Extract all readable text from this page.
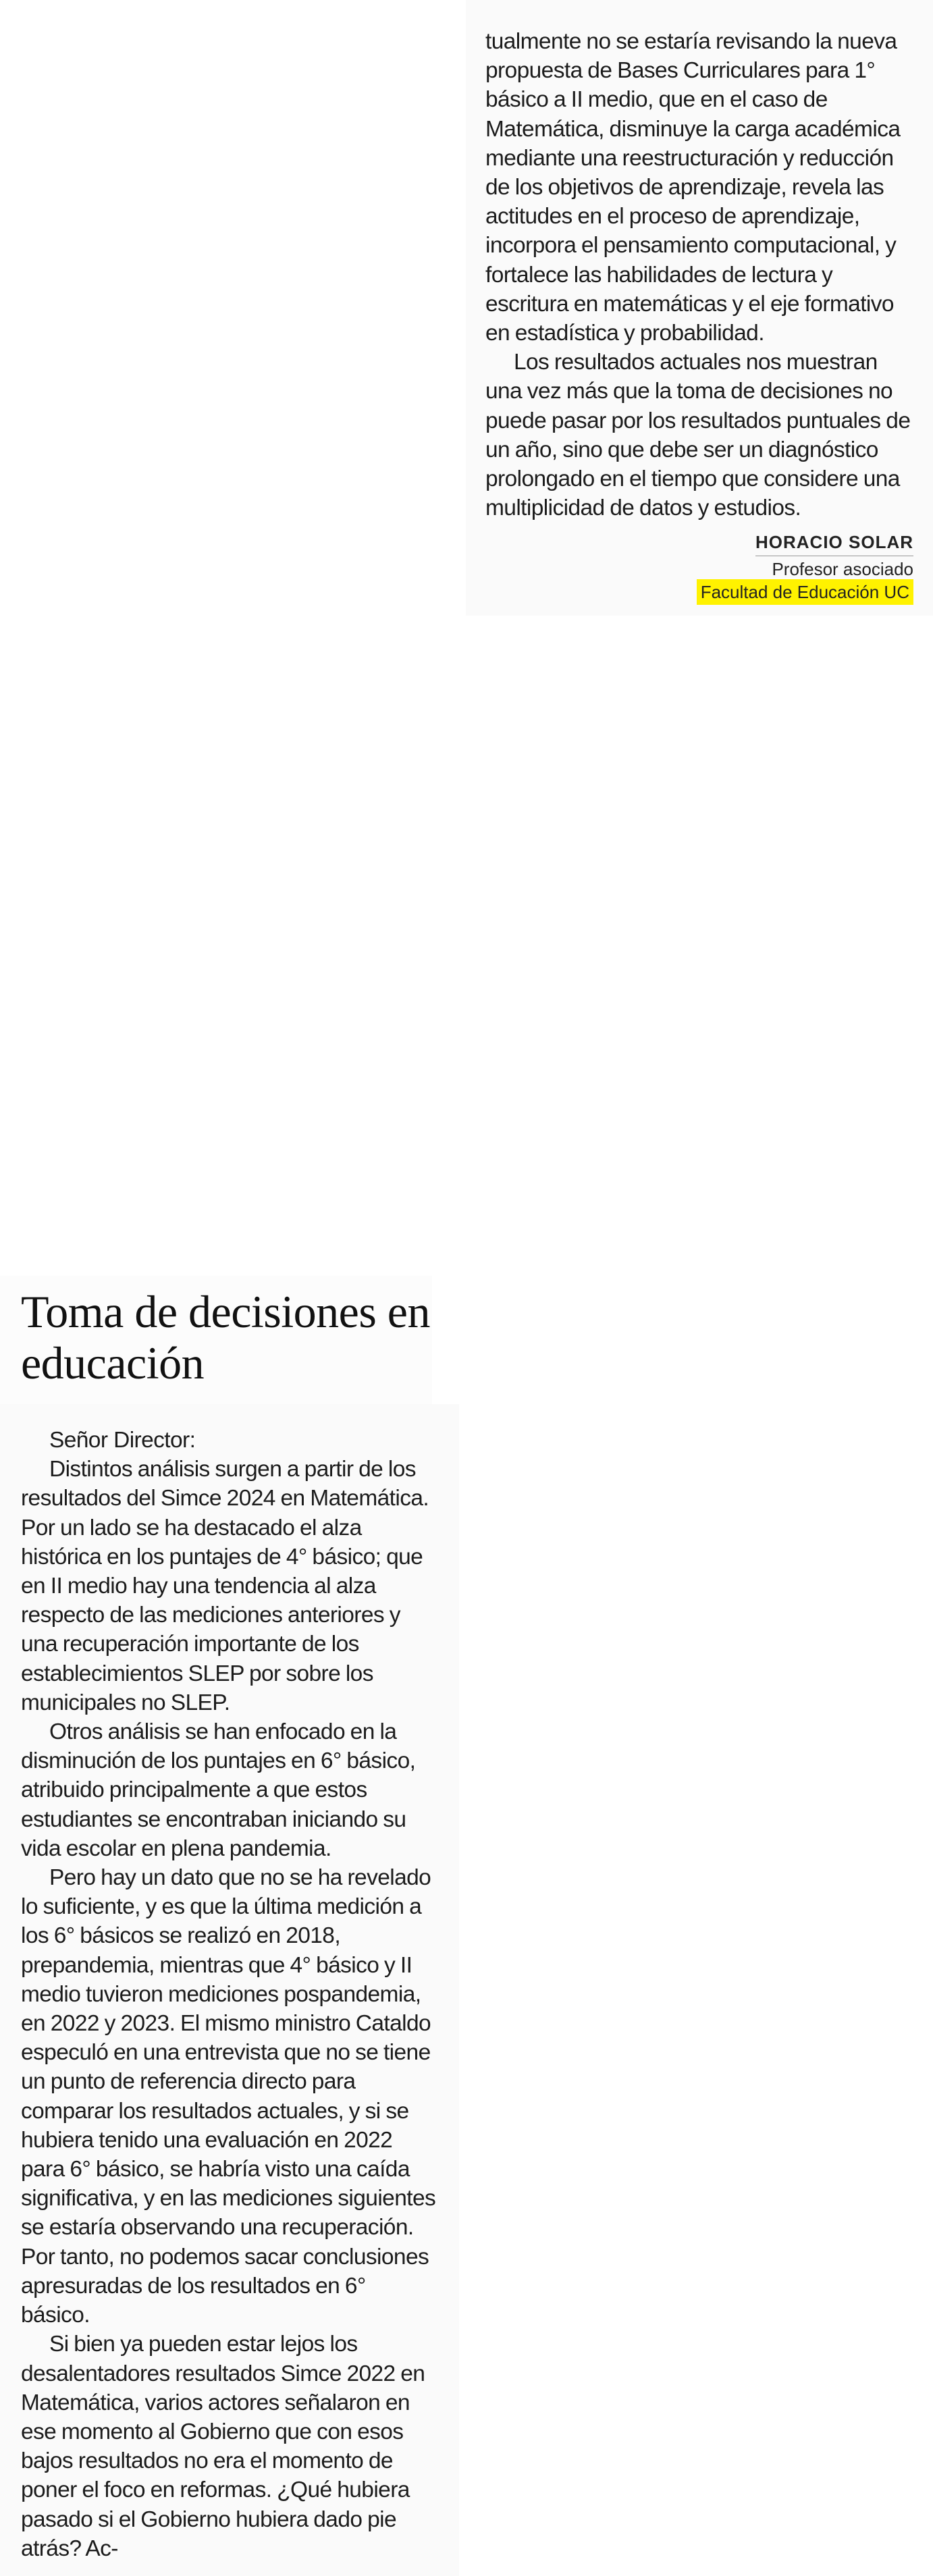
tualmente no se estaría revisando la nueva propuesta de Bases Curriculares para 1° básico a II medio, que en el caso de Matemática, disminuye la carga académica mediante una reestructuración y reducción de los objetivos de aprendizaje, revela las actitudes en el proceso de aprendizaje, incorpora el pensamiento computacional, y fortalece las habilidades de lectura y escritura en matemáticas y el eje formativo en estadística y probabilidad.

Los resultados actuales nos muestran una vez más que la toma de decisiones no puede pasar por los resultados puntuales de un año, sino que debe ser un diagnóstico prolongado en el tiempo que considere una multiplicidad de datos y estudios.

HORACIO SOLAR
Profesor asociado
Facultad de Educación UC
Toma de decisiones en educación

Señor Director:

Distintos análisis surgen a partir de los resultados del Simce 2024 en Matemática. Por un lado se ha destacado el alza histórica en los puntajes de 4° básico; que en II medio hay una tendencia al alza respecto de las mediciones anteriores y una recuperación importante de los establecimientos SLEP por sobre los municipales no SLEP.

Otros análisis se han enfocado en la disminución de los puntajes en 6° básico, atribuido principalmente a que estos estudiantes se encontraban iniciando su vida escolar en plena pandemia.

Pero hay un dato que no se ha revelado lo suficiente, y es que la última medición a los 6° básicos se realizó en 2018, prepandemia, mientras que 4° básico y II medio tuvieron mediciones pospandemia, en 2022 y 2023. El mismo ministro Cataldo especuló en una entrevista que no se tiene un punto de referencia directo para comparar los resultados actuales, y si se hubiera tenido una evaluación en 2022 para 6° básico, se habría visto una caída significativa, y en las mediciones siguientes se estaría observando una recuperación. Por tanto, no podemos sacar conclusiones apresuradas de los resultados en 6° básico.

Si bien ya pueden estar lejos los desalentadores resultados Simce 2022 en Matemática, varios actores señalaron en ese momento al Gobierno que con esos bajos resultados no era el momento de poner el foco en reformas. ¿Qué hubiera pasado si el Gobierno hubiera dado pie atrás? Ac-
